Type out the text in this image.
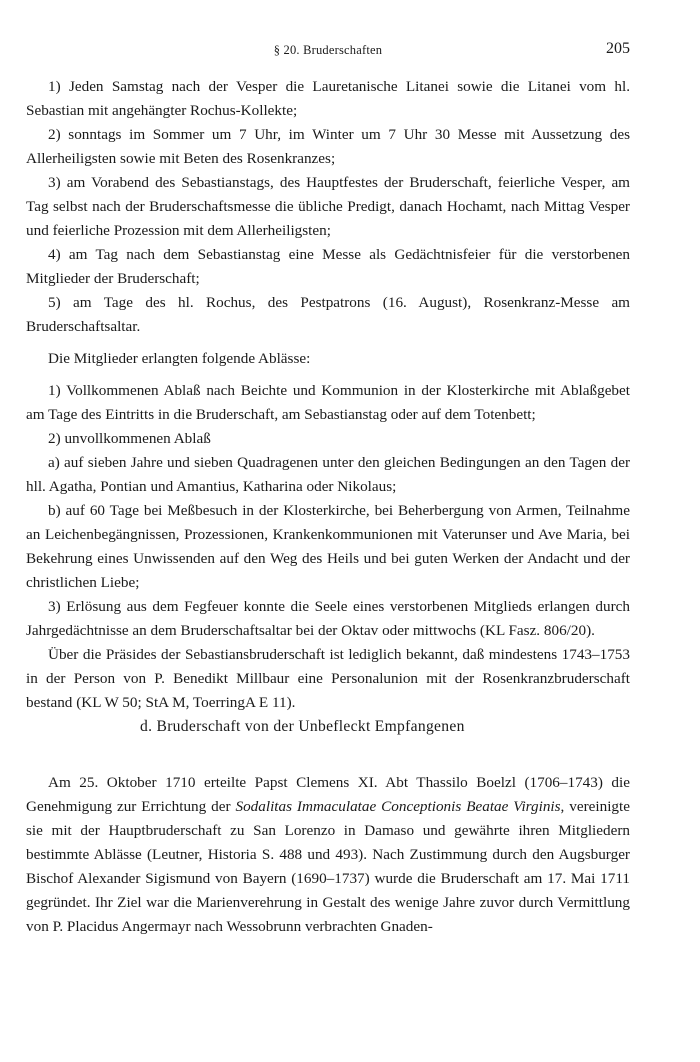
§ 20. Bruderschaften	205

1) Jeden Samstag nach der Vesper die Lauretanische Litanei sowie die Litanei vom hl. Sebastian mit angehängter Rochus-Kollekte;

2) sonntags im Sommer um 7 Uhr, im Winter um 7 Uhr 30 Messe mit Aussetzung des Allerheiligsten sowie mit Beten des Rosenkranzes;

3) am Vorabend des Sebastianstags, des Hauptfestes der Bruderschaft, feierliche Vesper, am Tag selbst nach der Bruderschaftsmesse die übliche Predigt, danach Hochamt, nach Mittag Vesper und feierliche Prozession mit dem Allerheiligsten;

4) am Tag nach dem Sebastianstag eine Messe als Gedächtnisfeier für die verstorbenen Mitglieder der Bruderschaft;

5) am Tage des hl. Rochus, des Pestpatrons (16. August), Rosenkranz-Messe am Bruderschaftsaltar.

Die Mitglieder erlangten folgende Ablässe:

1) Vollkommenen Ablaß nach Beichte und Kommunion in der Klosterkirche mit Ablaßgebet am Tage des Eintritts in die Bruderschaft, am Sebastianstag oder auf dem Totenbett;

2) unvollkommenen Ablaß

a) auf sieben Jahre und sieben Quadragenen unter den gleichen Bedingungen an den Tagen der hll. Agatha, Pontian und Amantius, Katharina oder Nikolaus;

b) auf 60 Tage bei Meßbesuch in der Klosterkirche, bei Beherbergung von Armen, Teilnahme an Leichenbegängnissen, Prozessionen, Krankenkommunionen mit Vaterunser und Ave Maria, bei Bekehrung eines Unwissenden auf den Weg des Heils und bei guten Werken der Andacht und der christlichen Liebe;

3) Erlösung aus dem Fegfeuer konnte die Seele eines verstorbenen Mitglieds erlangen durch Jahrgedächtnisse an dem Bruderschaftsaltar bei der Oktav oder mittwochs (KL Fasz. 806/20).

Über die Präsides der Sebastiansbruderschaft ist lediglich bekannt, daß mindestens 1743–1753 in der Person von P. Benedikt Millbaur eine Personalunion mit der Rosenkranzbruderschaft bestand (KL W 50; StA M, ToerringA E 11).

d. Bruderschaft von der Unbefleckt Empfangenen

Am 25. Oktober 1710 erteilte Papst Clemens XI. Abt Thassilo Boelzl (1706–1743) die Genehmigung zur Errichtung der Sodalitas Immaculatae Conceptionis Beatae Virginis, vereinigte sie mit der Hauptbruderschaft zu San Lorenzo in Damaso und gewährte ihren Mitgliedern bestimmte Ablässe (Leutner, Historia S. 488 und 493). Nach Zustimmung durch den Augsburger Bischof Alexander Sigismund von Bayern (1690–1737) wurde die Bruderschaft am 17. Mai 1711 gegründet. Ihr Ziel war die Marienverehrung in Gestalt des wenige Jahre zuvor durch Vermittlung von P. Placidus Angermayr nach Wessobrunn verbrachten Gnaden-
